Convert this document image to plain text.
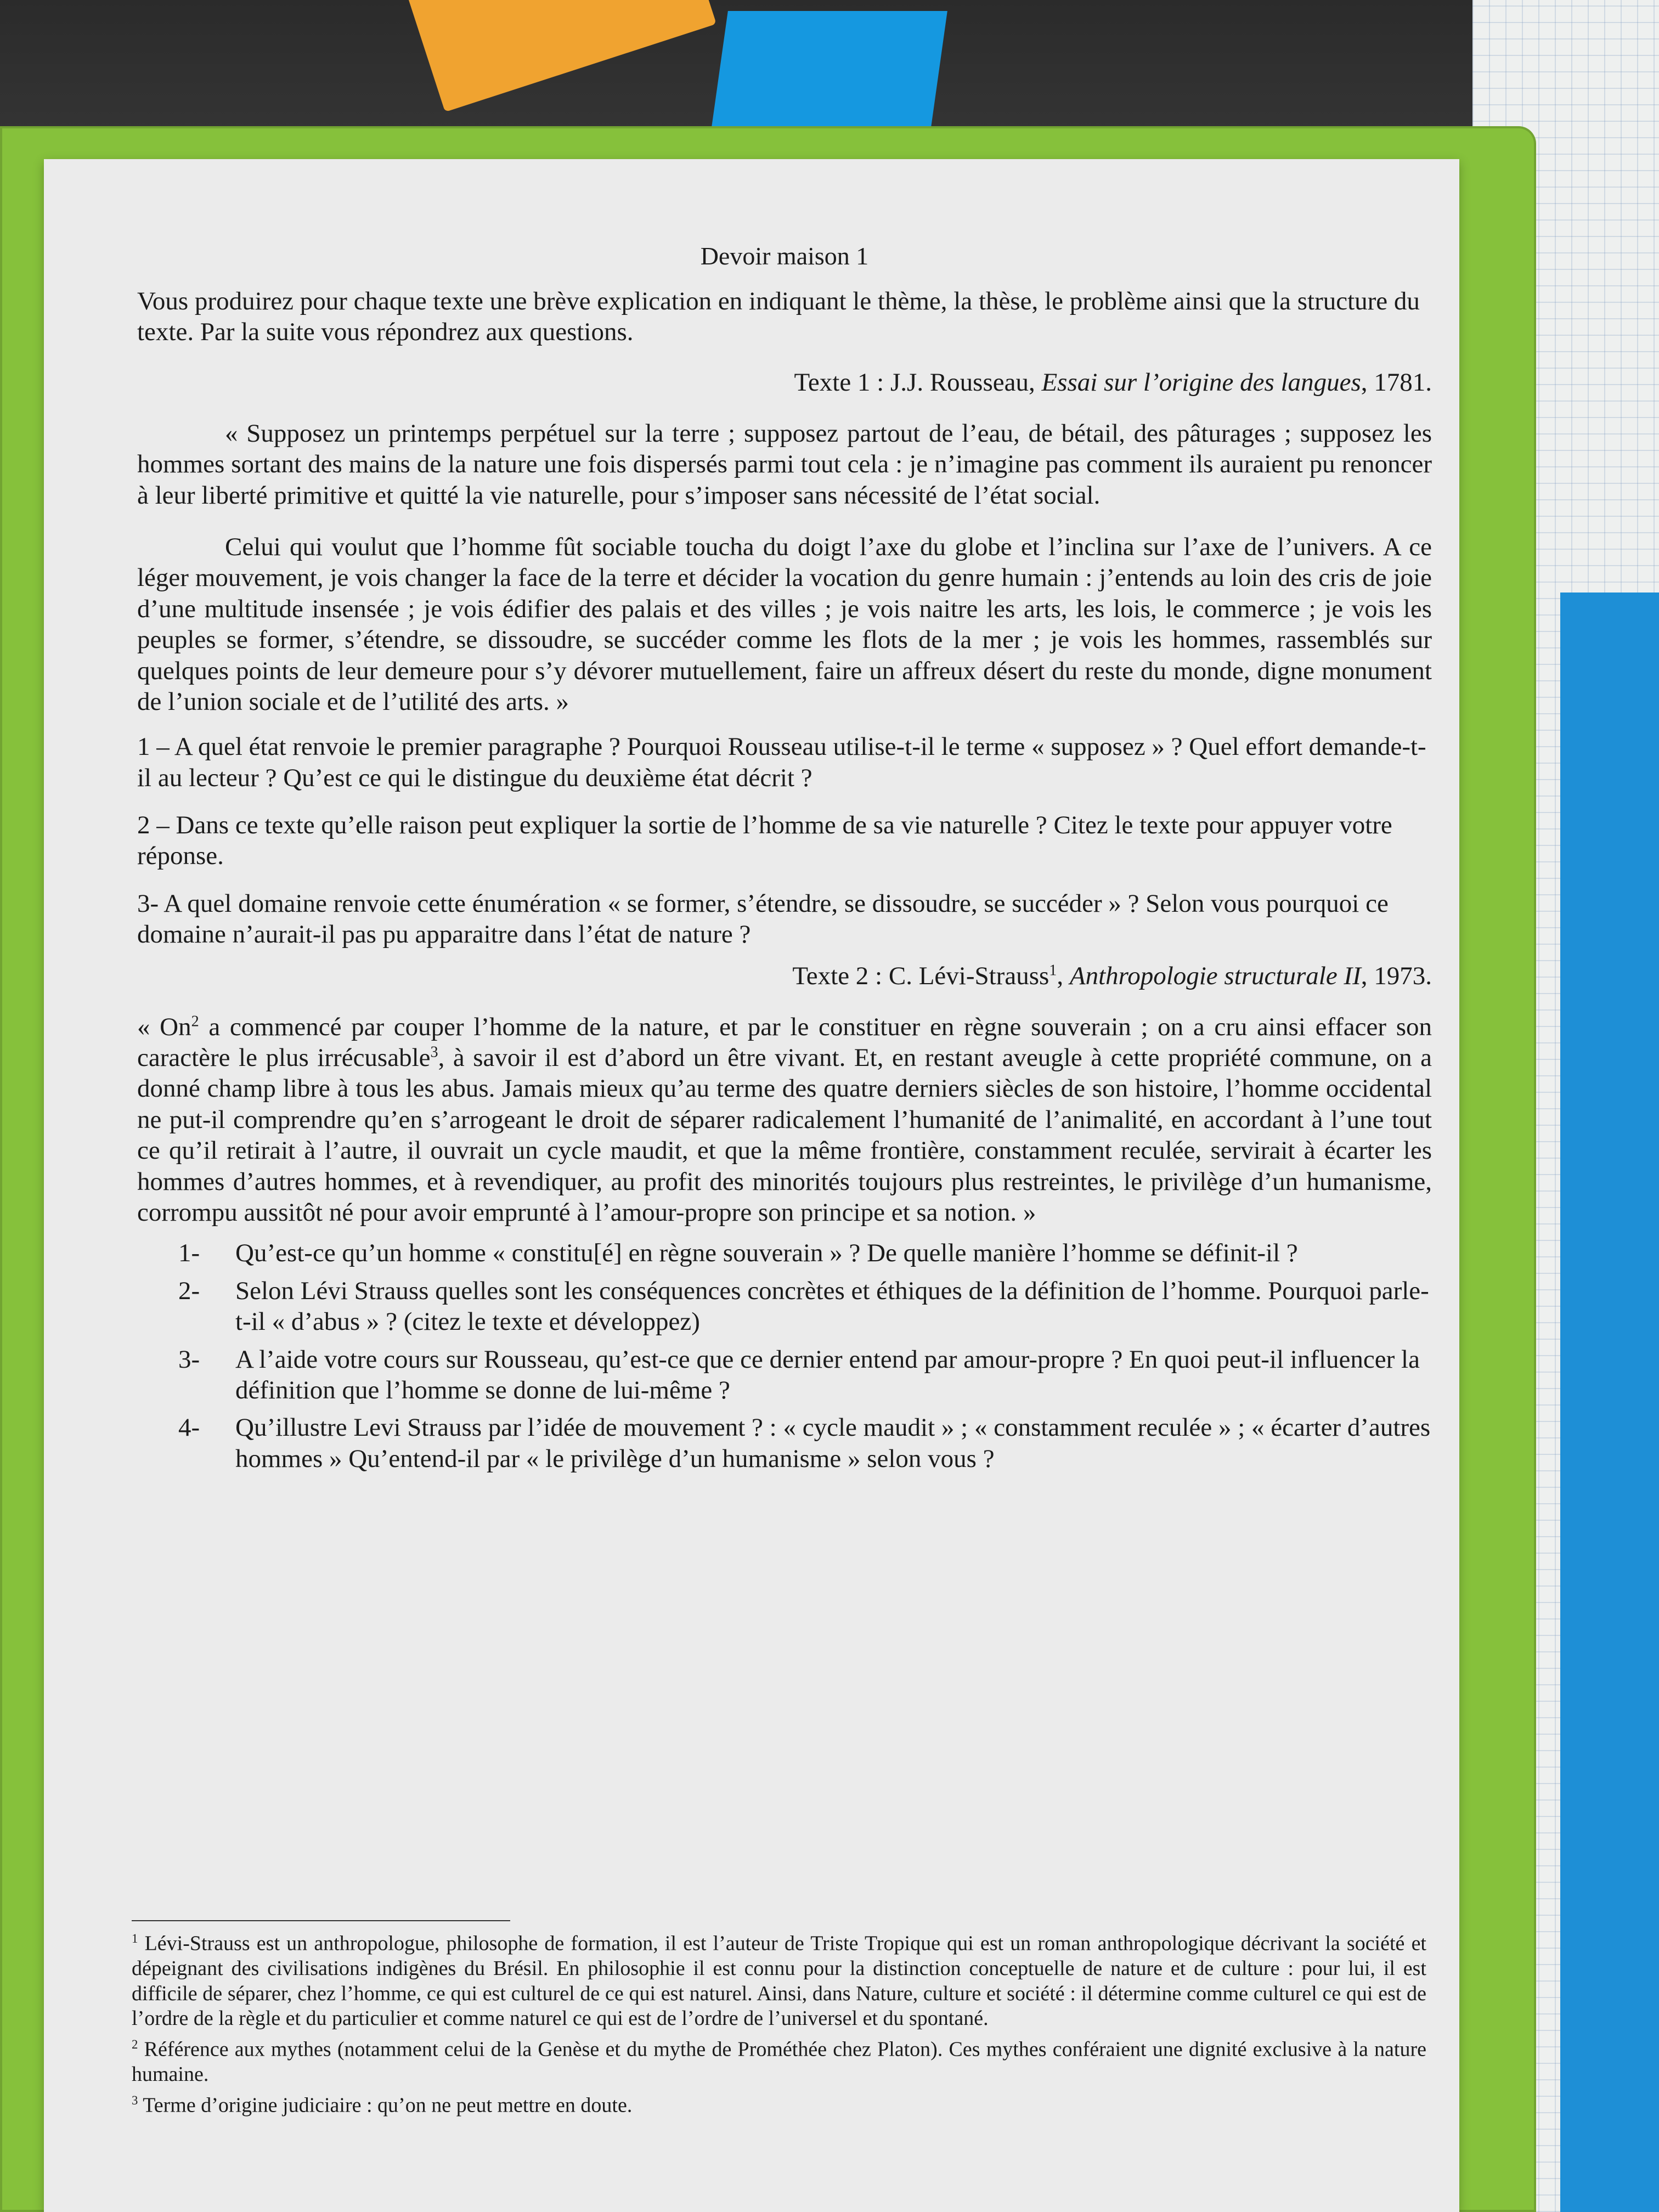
Devoir maison 1

Vous produirez pour chaque texte une brève explication en indiquant le thème, la thèse, le problème ainsi que la structure du texte. Par la suite vous répondrez aux questions.

Texte 1 : J.J. Rousseau, Essai sur l’origine des langues, 1781.

« Supposez un printemps perpétuel sur la terre ; supposez partout de l’eau, de bétail, des pâturages ; supposez les hommes sortant des mains de la nature une fois dispersés parmi tout cela : je n’imagine pas comment ils auraient pu renoncer à leur liberté primitive et quitté la vie naturelle, pour s’imposer sans nécessité de l’état social.

Celui qui voulut que l’homme fût sociable toucha du doigt l’axe du globe et l’inclina sur l’axe de l’univers. A ce léger mouvement, je vois changer la face de la terre et décider la vocation du genre humain : j’entends au loin des cris de joie d’une multitude insensée ; je vois édifier des palais et des villes ; je vois naitre les arts, les lois, le commerce ; je vois les peuples se former, s’étendre, se dissoudre, se succéder comme les flots de la mer ; je vois les hommes, rassemblés sur quelques points de leur demeure pour s’y dévorer mutuellement, faire un affreux désert du reste du monde, digne monument de l’union sociale et de l’utilité des arts. »

1 – A quel état renvoie le premier paragraphe ? Pourquoi Rousseau utilise-t-il le terme « supposez » ? Quel effort demande-t-il au lecteur ? Qu’est ce qui le distingue du deuxième état décrit ?

2 – Dans ce texte qu’elle raison peut expliquer la sortie de l’homme de sa vie naturelle ? Citez le texte pour appuyer votre réponse.

3- A quel domaine renvoie cette énumération « se former, s’étendre, se dissoudre, se succéder » ? Selon vous pourquoi ce domaine n’aurait-il pas pu apparaitre dans l’état de nature ?

Texte 2 : C. Lévi-Strauss$^1$, Anthropologie structurale II, 1973.

« On$^2$ a commencé par couper l’homme de la nature, et par le constituer en règne souverain ; on a cru ainsi effacer son caractère le plus irrécusable$^3$, à savoir il est d’abord un être vivant. Et, en restant aveugle à cette propriété commune, on a donné champ libre à tous les abus. Jamais mieux qu’au terme des quatre derniers siècles de son histoire, l’homme occidental ne put-il comprendre qu’en s’arrogeant le droit de séparer radicalement l’humanité de l’animalité, en accordant à l’une tout ce qu’il retirait à l’autre, il ouvrait un cycle maudit, et que la même frontière, constamment reculée, servirait à écarter les hommes d’autres hommes, et à revendiquer, au profit des minorités toujours plus restreintes, le privilège d’un humanisme, corrompu aussitôt né pour avoir emprunté à l’amour-propre son principe et sa notion. »

1-	Qu’est-ce qu’un homme « constitu[é] en règne souverain » ? De quelle manière l’homme se définit-il ?
2-	Selon Lévi Strauss quelles sont les conséquences concrètes et éthiques de la définition de l’homme. Pourquoi parle-t-il « d’abus » ? (citez le texte et développez)
3-	A l’aide votre cours sur Rousseau, qu’est-ce que ce dernier entend par amour-propre ? En quoi peut-il influencer la définition que l’homme se donne de lui-même ?
4-	Qu’illustre Levi Strauss par l’idée de mouvement ? : « cycle maudit » ; « constamment reculée » ; « écarter d’autres hommes » Qu’entend-il par « le privilège d’un humanisme » selon vous ?
$^1$ Lévi-Strauss est un anthropologue, philosophe de formation, il est l’auteur de Triste Tropique qui est un roman anthropologique décrivant la société et dépeignant des civilisations indigènes du Brésil. En philosophie il est connu pour la distinction conceptuelle de nature et de culture : pour lui, il est difficile de séparer, chez l’homme, ce qui est culturel de ce qui est naturel. Ainsi, dans Nature, culture et société : il détermine comme culturel ce qui est de l’ordre de la règle et du particulier et comme naturel ce qui est de l’ordre de l’universel et du spontané.
$^2$ Référence aux mythes (notamment celui de la Genèse et du mythe de Prométhée chez Platon). Ces mythes conféraient une dignité exclusive à la nature humaine.
$^3$ Terme d’origine judiciaire : qu’on ne peut mettre en doute.
